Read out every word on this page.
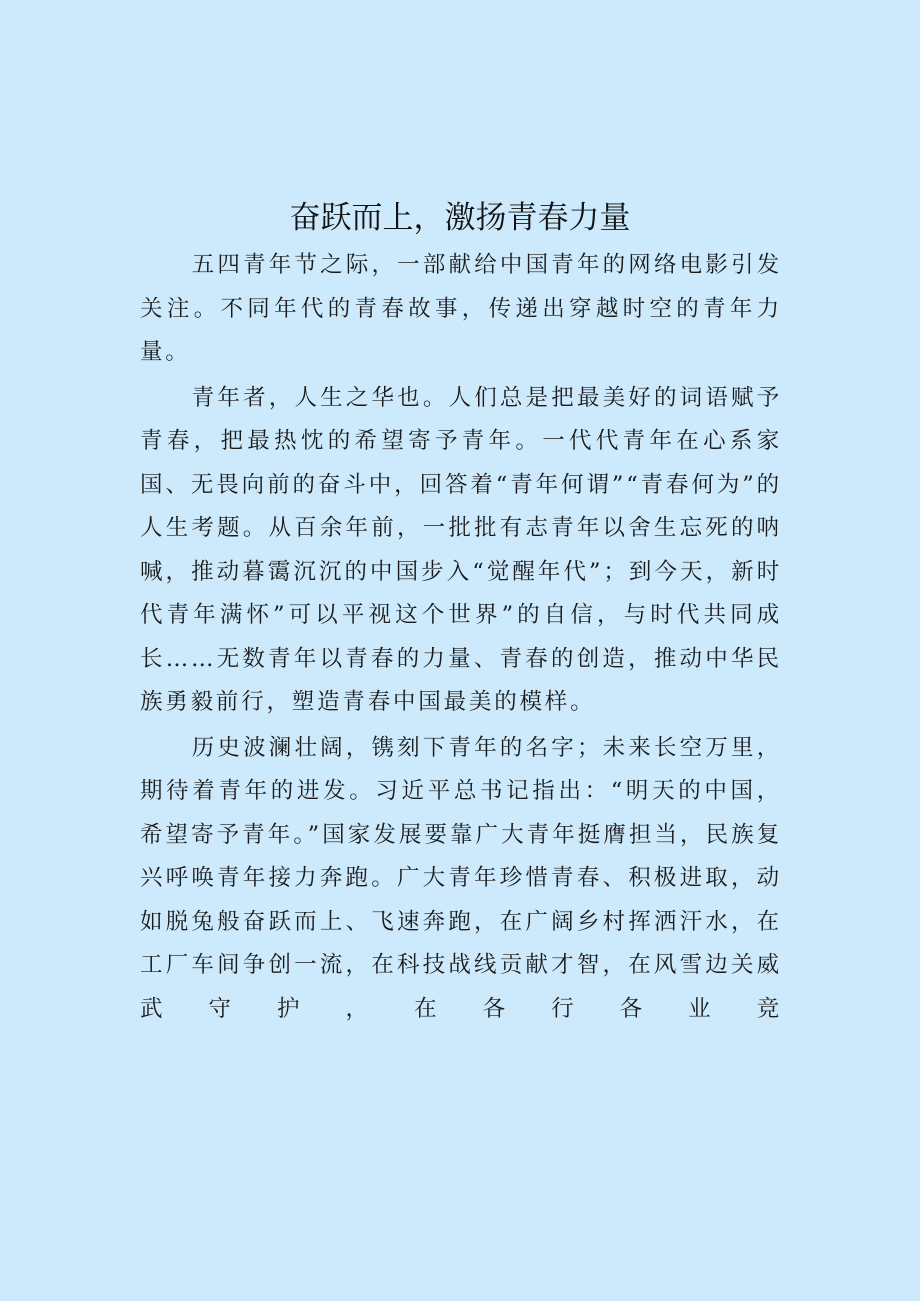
奋跃而上，激扬青春力量

五四青年节之际，一部献给中国青年的网络电影引发关注。不同年代的青春故事，传递出穿越时空的青年力量。

青年者，人生之华也。人们总是把最美好的词语赋予青春，把最热忱的希望寄予青年。一代代青年在心系家国、无畏向前的奋斗中，回答着“青年何谓”“青春何为”的人生考题。从百余年前，一批批有志青年以舍生忘死的呐喊，推动暮霭沉沉的中国步入“觉醒年代”；到今天，新时代青年满怀”可以平视这个世界”的自信，与时代共同成长……无数青年以青春的力量、青春的创造，推动中华民族勇毅前行，塑造青春中国最美的模样。

历史波澜壮阔，镌刻下青年的名字；未来长空万里，期待着青年的进发。习近平总书记指出：“明天的中国，希望寄予青年。”国家发展要靠广大青年挺膺担当，民族复兴呼唤青年接力奔跑。广大青年珍惜青春、积极进取，动如脱兔般奋跃而上、飞速奔跑，在广阔乡村挥洒汗水，在工厂车间争创一流，在科技战线贡献才智，在风雪边关威武守护，在各行各业竞
